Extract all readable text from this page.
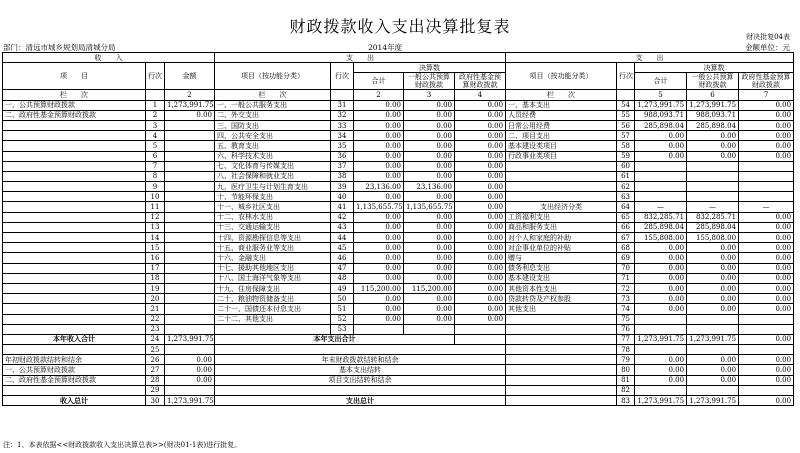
财政拨款收入支出决算批复表
财决批复04表
部门：清远市城乡规划局清城分局	2014年度	金额单位：元
收　　入			支　　出					支　　出				
项　　目	行次	金额	项目（按功能分类）	行次	决算数			项目（按功能分类）	行次	决算数		
					合计	一般公共预算财政拨款	政府性基金预算财政拨款			合计	一般公共预算财政拨款	政府性基金预算财政拨款

栏　　次		2	栏　　次		2	3	4	栏　　次		5	6	7
一、公共预算财政拨款	1	1,273,991.75	一、一般公共服务支出	31	0.00	0.00	0.00	一、基本支出	54	1,273,991.75	1,273,991.75	0.00
二、政府性基金预算财政拨款	2	0.00	二、外交支出	32	0.00	0.00	0.00	人员经费	55	988,093.71	988,093.71	0.00
	3		三、国防支出	33	0.00	0.00	0.00	日常公用经费	56	285,898.04	285,898.04	0.00
	4		四、公共安全支出	34	0.00	0.00	0.00	二、项目支出	57	0.00	0.00	0.00
	5		五、教育支出	35	0.00	0.00	0.00	基本建设类项目	58	0.00	0.00	0.00
	6		六、科学技术支出	36	0.00	0.00	0.00	行政事业类项目	59	0.00	0.00	0.00
	7		七、文化体育与传媒支出	37	0.00	0.00	0.00		60			
	8		八、社会保障和就业支出	38	0.00	0.00	0.00		61			
	9		九、医疗卫生与计划生育支出	39	23,136.00	23,136.00	0.00		62			
	10		十、节能环保支出	40	0.00	0.00	0.00		63			
	11		十一、城乡社区支出	41	1,135,655.75	1,135,655.75	0.00	支出经济分类	64	—	—	—
	12		十二、农林水支出	42	0.00	0.00	0.00	工资福利支出	65	832,285.71	832,285.71	0.00
	13		十三、交通运输支出	43	0.00	0.00	0.00	商品和服务支出	66	285,898.04	285,898.04	0.00
	14		十四、资源勘探信息等支出	44	0.00	0.00	0.00	对个人和家庭的补助	67	155,808.00	155,808.00	0.00
	15		十五、商业服务业等支出	45	0.00	0.00	0.00	对企事业单位的补贴	68	0.00	0.00	0.00
	16		十六、金融支出	46	0.00	0.00	0.00	赠与	69	0.00	0.00	0.00
	17		十七、援助其他地区支出	47	0.00	0.00	0.00	债务利息支出	70	0.00	0.00	0.00
	18		十八、国土海洋气象等支出	48	0.00	0.00	0.00	基本建设支出	71	0.00	0.00	0.00
	19		十九、住房保障支出	49	115,200.00	115,200.00	0.00	其他资本性支出	72	0.00	0.00	0.00
	20		二十、粮油物资储备支出	50	0.00	0.00	0.00	贷款转贷及产权参股	73	0.00	0.00	0.00
	21		二十一、国债还本付息支出	51	0.00	0.00	0.00	其他支出	74	0.00	0.00	0.00
	22		二十二、其他支出	52	0.00	0.00	0.00		75			
	23			53					76			
本年收入合计	24	1,273,991.75	本年支出合计						77	1,273,991.75	1,273,991.75	0.00
	25								78			
年初财政拨款结转和结余	26	0.00	年末财政拨款结转和结余						79	0.00	0.00	0.00
一、公共预算财政拨款	27	0.00	基本支出结转						80	0.00	0.00	0.00
二、政府性基金预算财政拨款	28	0.00	项目支出结转和结余						81	0.00	0.00	0.00
	29								82			
收入总计	30	1,273,991.75	支出总计						83	1,273,991.75	1,273,991.75	0.00
注：1、本表依据<<财政拨款收入支出决算总表>>(财决01-1表)进行批复。
